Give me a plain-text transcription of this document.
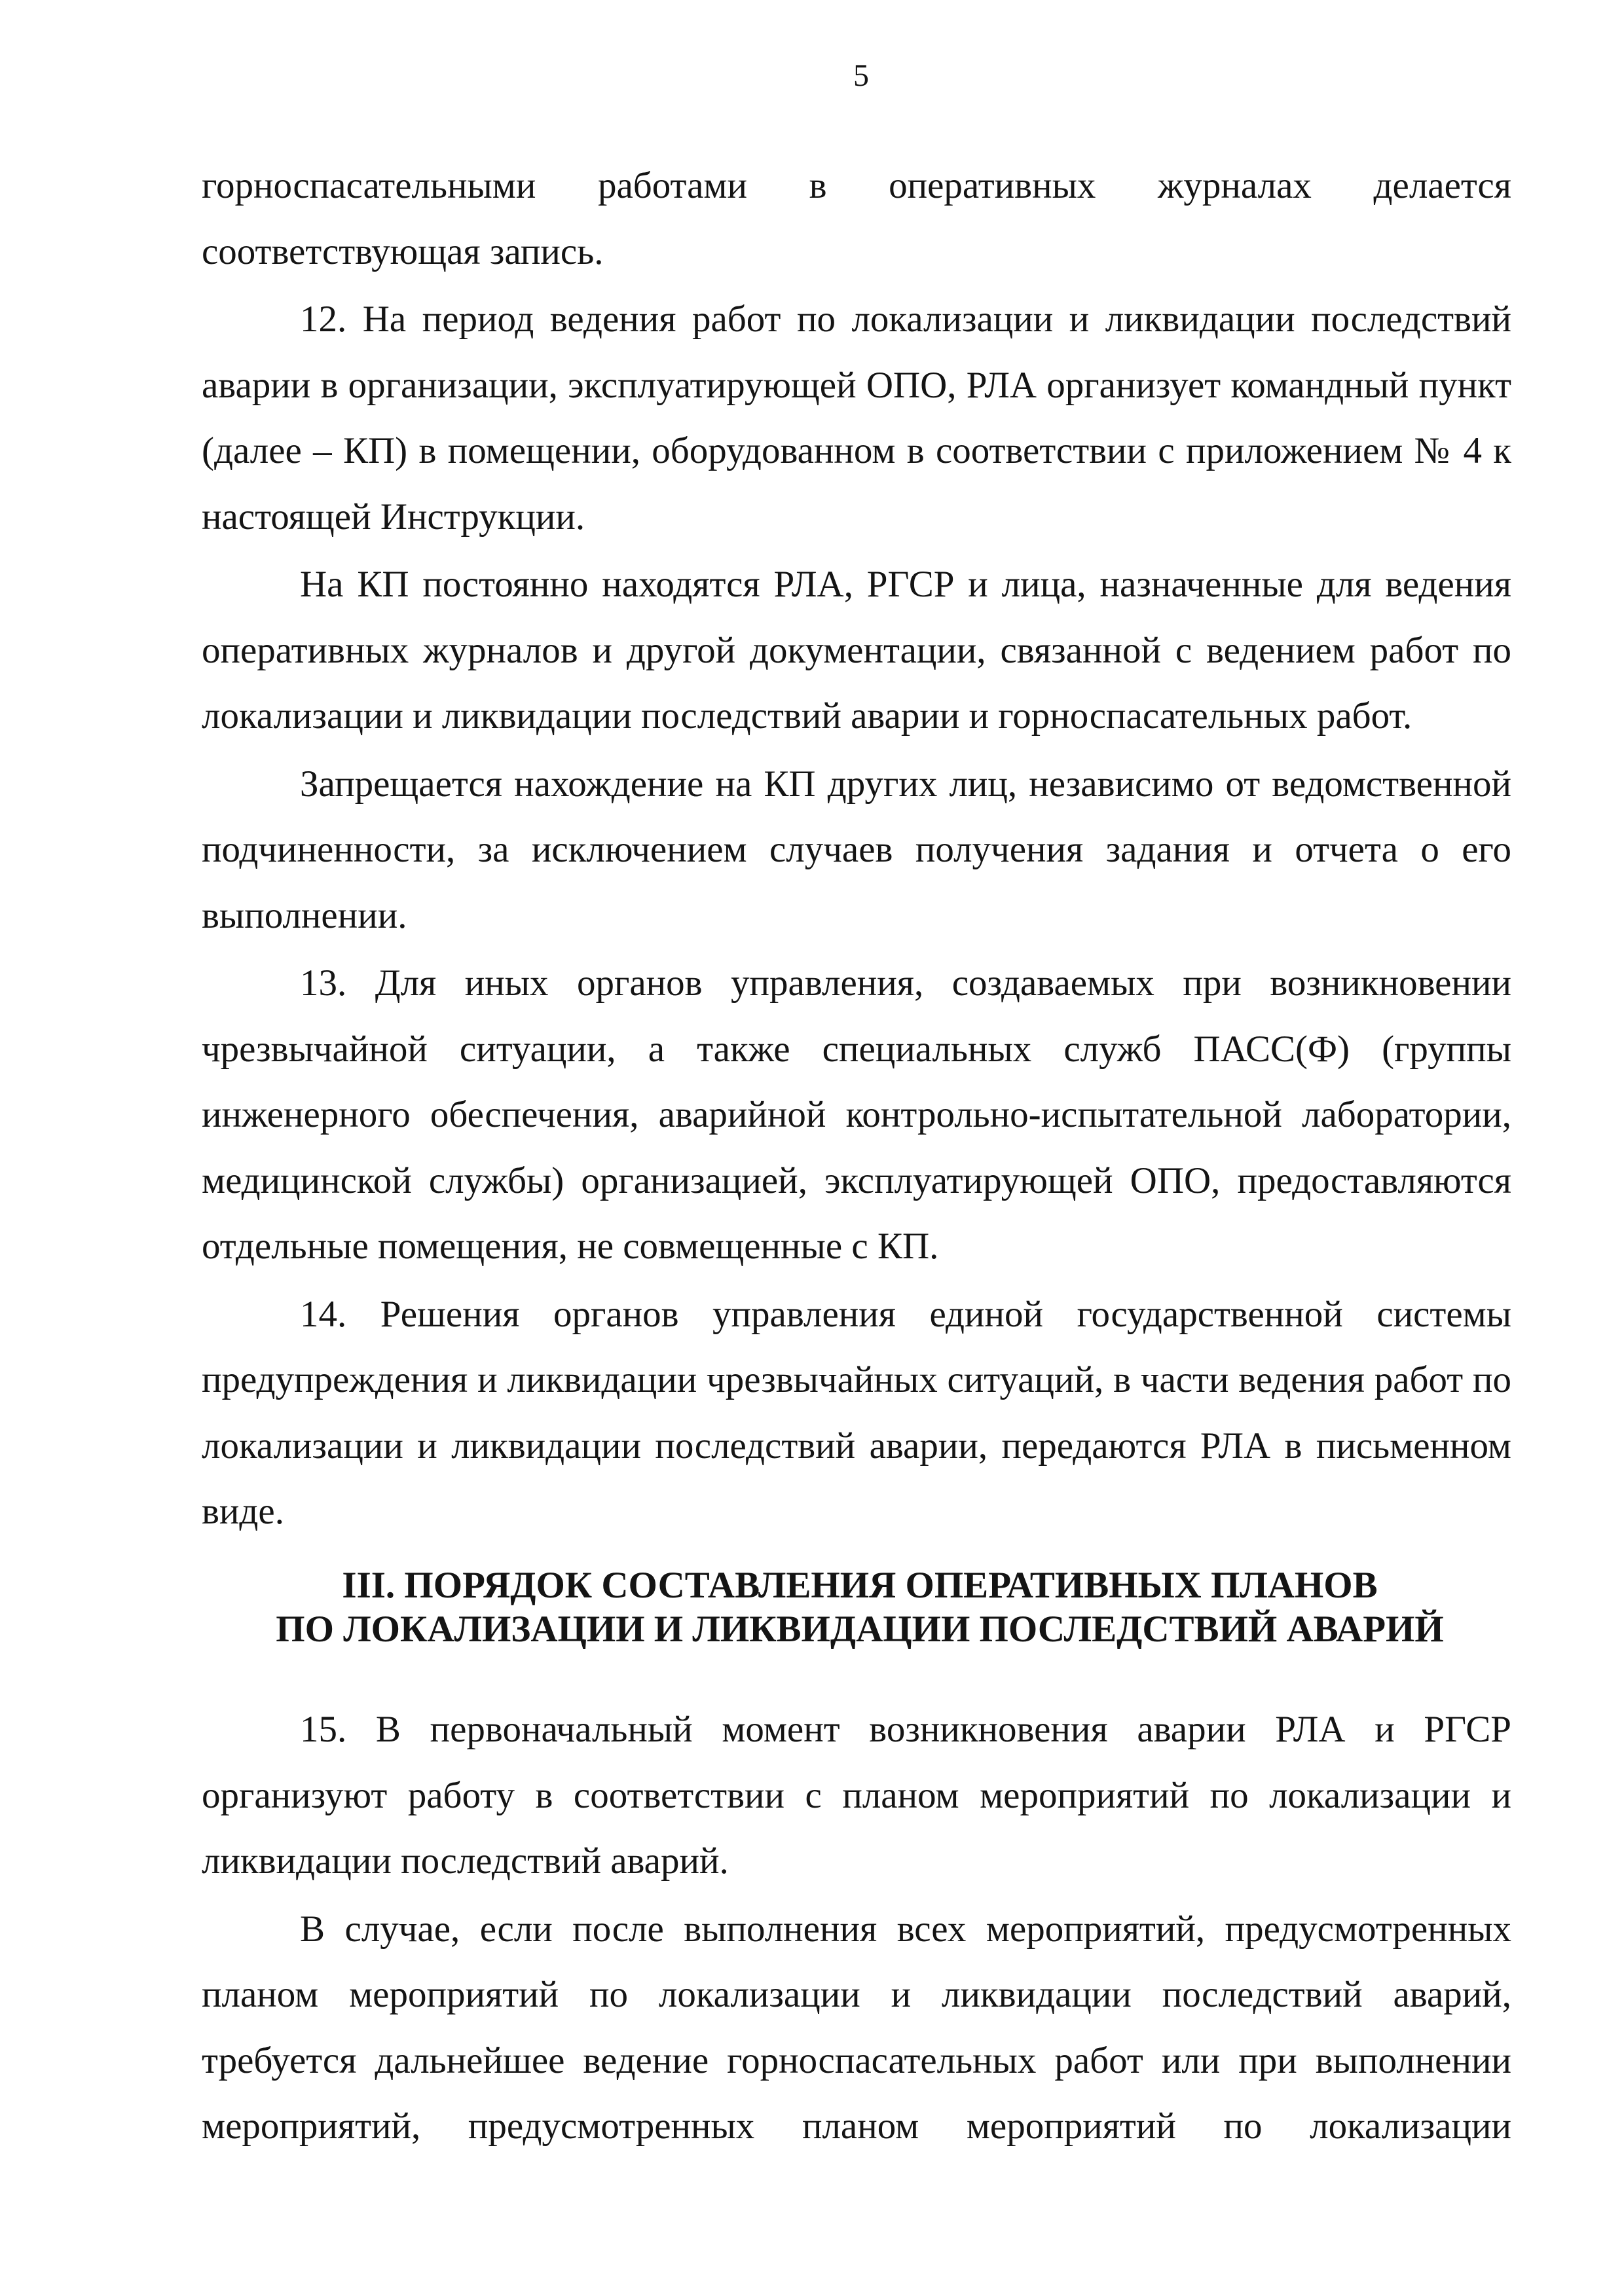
5

горноспасательными работами в оперативных журналах делается соответствующая запись.

12. На период ведения работ по локализации и ликвидации последствий аварии в организации, эксплуатирующей ОПО, РЛА организует командный пункт (далее – КП) в помещении, оборудованном в соответствии с приложением № 4 к настоящей Инструкции.

На КП постоянно находятся РЛА, РГСР и лица, назначенные для ведения оперативных журналов и другой документации, связанной с ведением работ по локализации и ликвидации последствий аварии и горноспасательных работ.

Запрещается нахождение на КП других лиц, независимо от ведомственной подчиненности, за исключением случаев получения задания и отчета о его выполнении.

13. Для иных органов управления, создаваемых при возникновении чрезвычайной ситуации, а также специальных служб ПАСС(Ф) (группы инженерного обеспечения, аварийной контрольно-испытательной лаборатории, медицинской службы) организацией, эксплуатирующей ОПО, предоставляются отдельные помещения, не совмещенные с КП.

14. Решения органов управления единой государственной системы предупреждения и ликвидации чрезвычайных ситуаций, в части ведения работ по локализации и ликвидации последствий аварии, передаются РЛА в письменном виде.

III. ПОРЯДОК СОСТАВЛЕНИЯ ОПЕРАТИВНЫХ ПЛАНОВ
ПО ЛОКАЛИЗАЦИИ И ЛИКВИДАЦИИ ПОСЛЕДСТВИЙ АВАРИЙ

15. В первоначальный момент возникновения аварии РЛА и РГСР организуют работу в соответствии с планом мероприятий по локализации и ликвидации последствий аварий.

В случае, если после выполнения всех мероприятий, предусмотренных планом мероприятий по локализации и ликвидации последствий аварий, требуется дальнейшее ведение горноспасательных работ или при выполнении мероприятий, предусмотренных планом мероприятий по локализации
